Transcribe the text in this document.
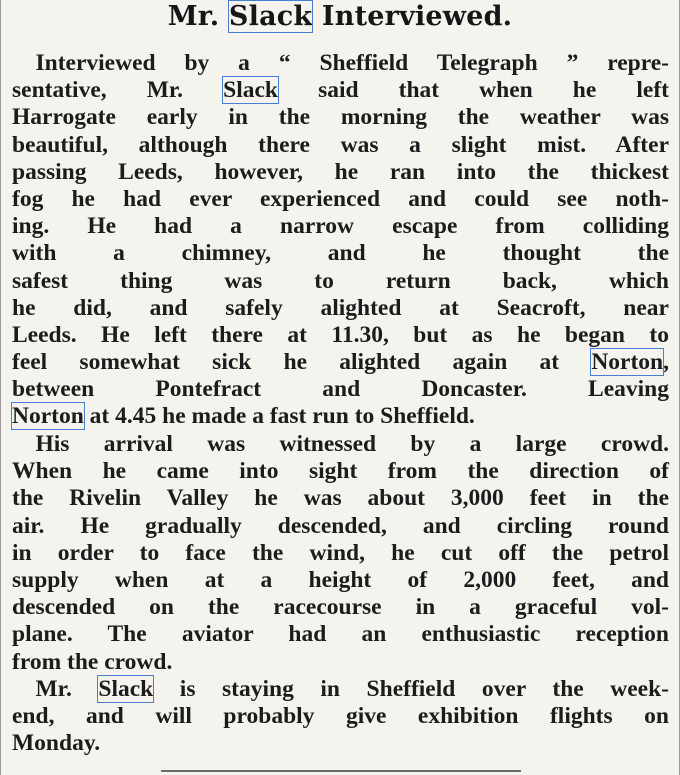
Mr. Slack Interviewed.
 Interviewed by a “ Sheffield Telegraph ” repre-
sentative, Mr. Slack said that when he left
Harrogate early in the morning the weather was
beautiful, although there was a slight mist. After
passing Leeds, however, he ran into the thickest
fog he had ever experienced and could see noth-
ing. He had a narrow escape from colliding
with a chimney, and he thought the
safest thing was to return back, which
he did, and safely alighted at Seacroft, near
Leeds. He left there at 11.30, but as he began to
feel somewhat sick he alighted again at Norton,
between Pontefract and Doncaster. Leaving
Norton at 4.45 he made a fast run to Sheffield.
 His arrival was witnessed by a large crowd.
When he came into sight from the direction of
the Rivelin Valley he was about 3,000 feet in the
air. He gradually descended, and circling round
in order to face the wind, he cut off the petrol
supply when at a height of 2,000 feet, and
descended on the racecourse in a graceful vol-
plane. The aviator had an enthusiastic reception
from the crowd.
 Mr. Slack is staying in Sheffield over the week-
end, and will probably give exhibition flights on
Monday.
